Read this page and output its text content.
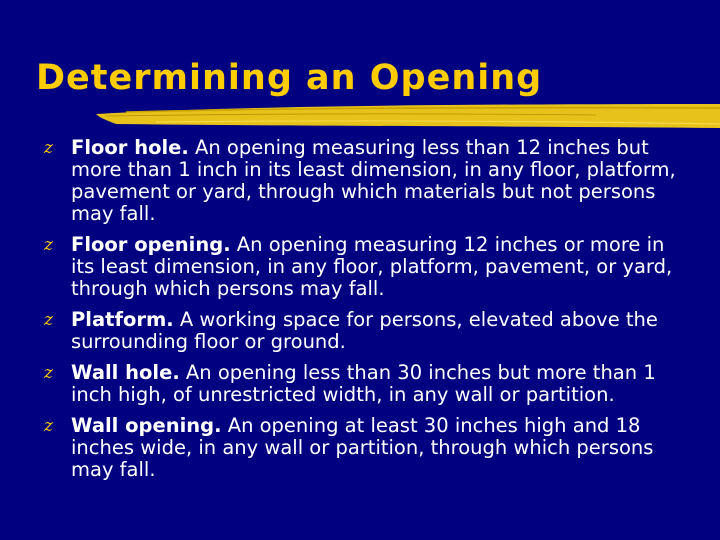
Determining an Opening
z Floor hole. An opening measuring less than 12 inches but more than 1 inch in its least dimension, in any floor, platform, pavement or yard, through which materials but not persons may fall.
z Floor opening. An opening measuring 12 inches or more in its least dimension, in any floor, platform, pavement, or yard, through which persons may fall.
z Platform. A working space for persons, elevated above the surrounding floor or ground.
z Wall hole. An opening less than 30 inches but more than 1 inch high, of unrestricted width, in any wall or partition.
z Wall opening. An opening at least 30 inches high and 18 inches wide, in any wall or partition, through which persons may fall.
